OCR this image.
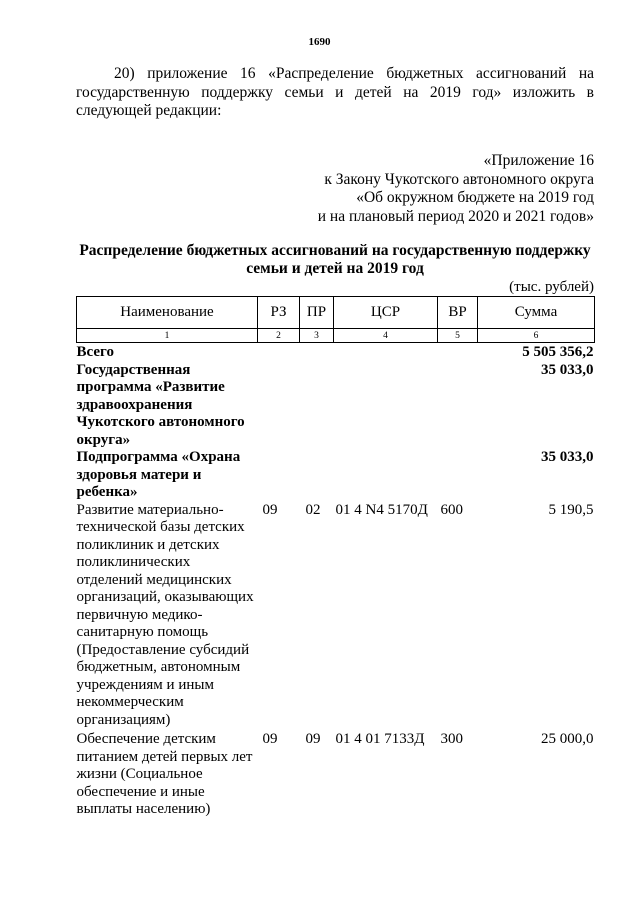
1690

20) приложение 16 «Распределение бюджетных ассигнований на государственную поддержку семьи и детей на 2019 год» изложить в следующей редакции:

«Приложение 16
к Закону Чукотского автономного округа
«Об окружном бюджете на 2019 год
и на плановый период 2020 и 2021 годов»
Распределение бюджетных ассигнований на государственную поддержку семьи и детей на 2019 год
(тыс. рублей)
Наименование	РЗ	ПР	ЦСР	ВР	Сумма
1	2	3	4	5	6
Всего					5 505 356,2
Государственная программа «Развитие здравоохранения Чукотского автономного округа»					35 033,0
Подпрограмма «Охрана здоровья матери и ребенка»					35 033,0
Развитие материально-технической базы детских поликлиник и детских поликлинических отделений медицинских организаций, оказывающих первичную медико-санитарную помощь (Предоставление субсидий бюджетным, автономным учреждениям и иным некоммерческим организациям)	09	02	01 4 N4 5170Д	600	5 190,5
Обеспечение детским питанием детей первых лет жизни (Социальное обеспечение и иные выплаты населению)	09	09	01 4 01 7133Д	300	25 000,0
